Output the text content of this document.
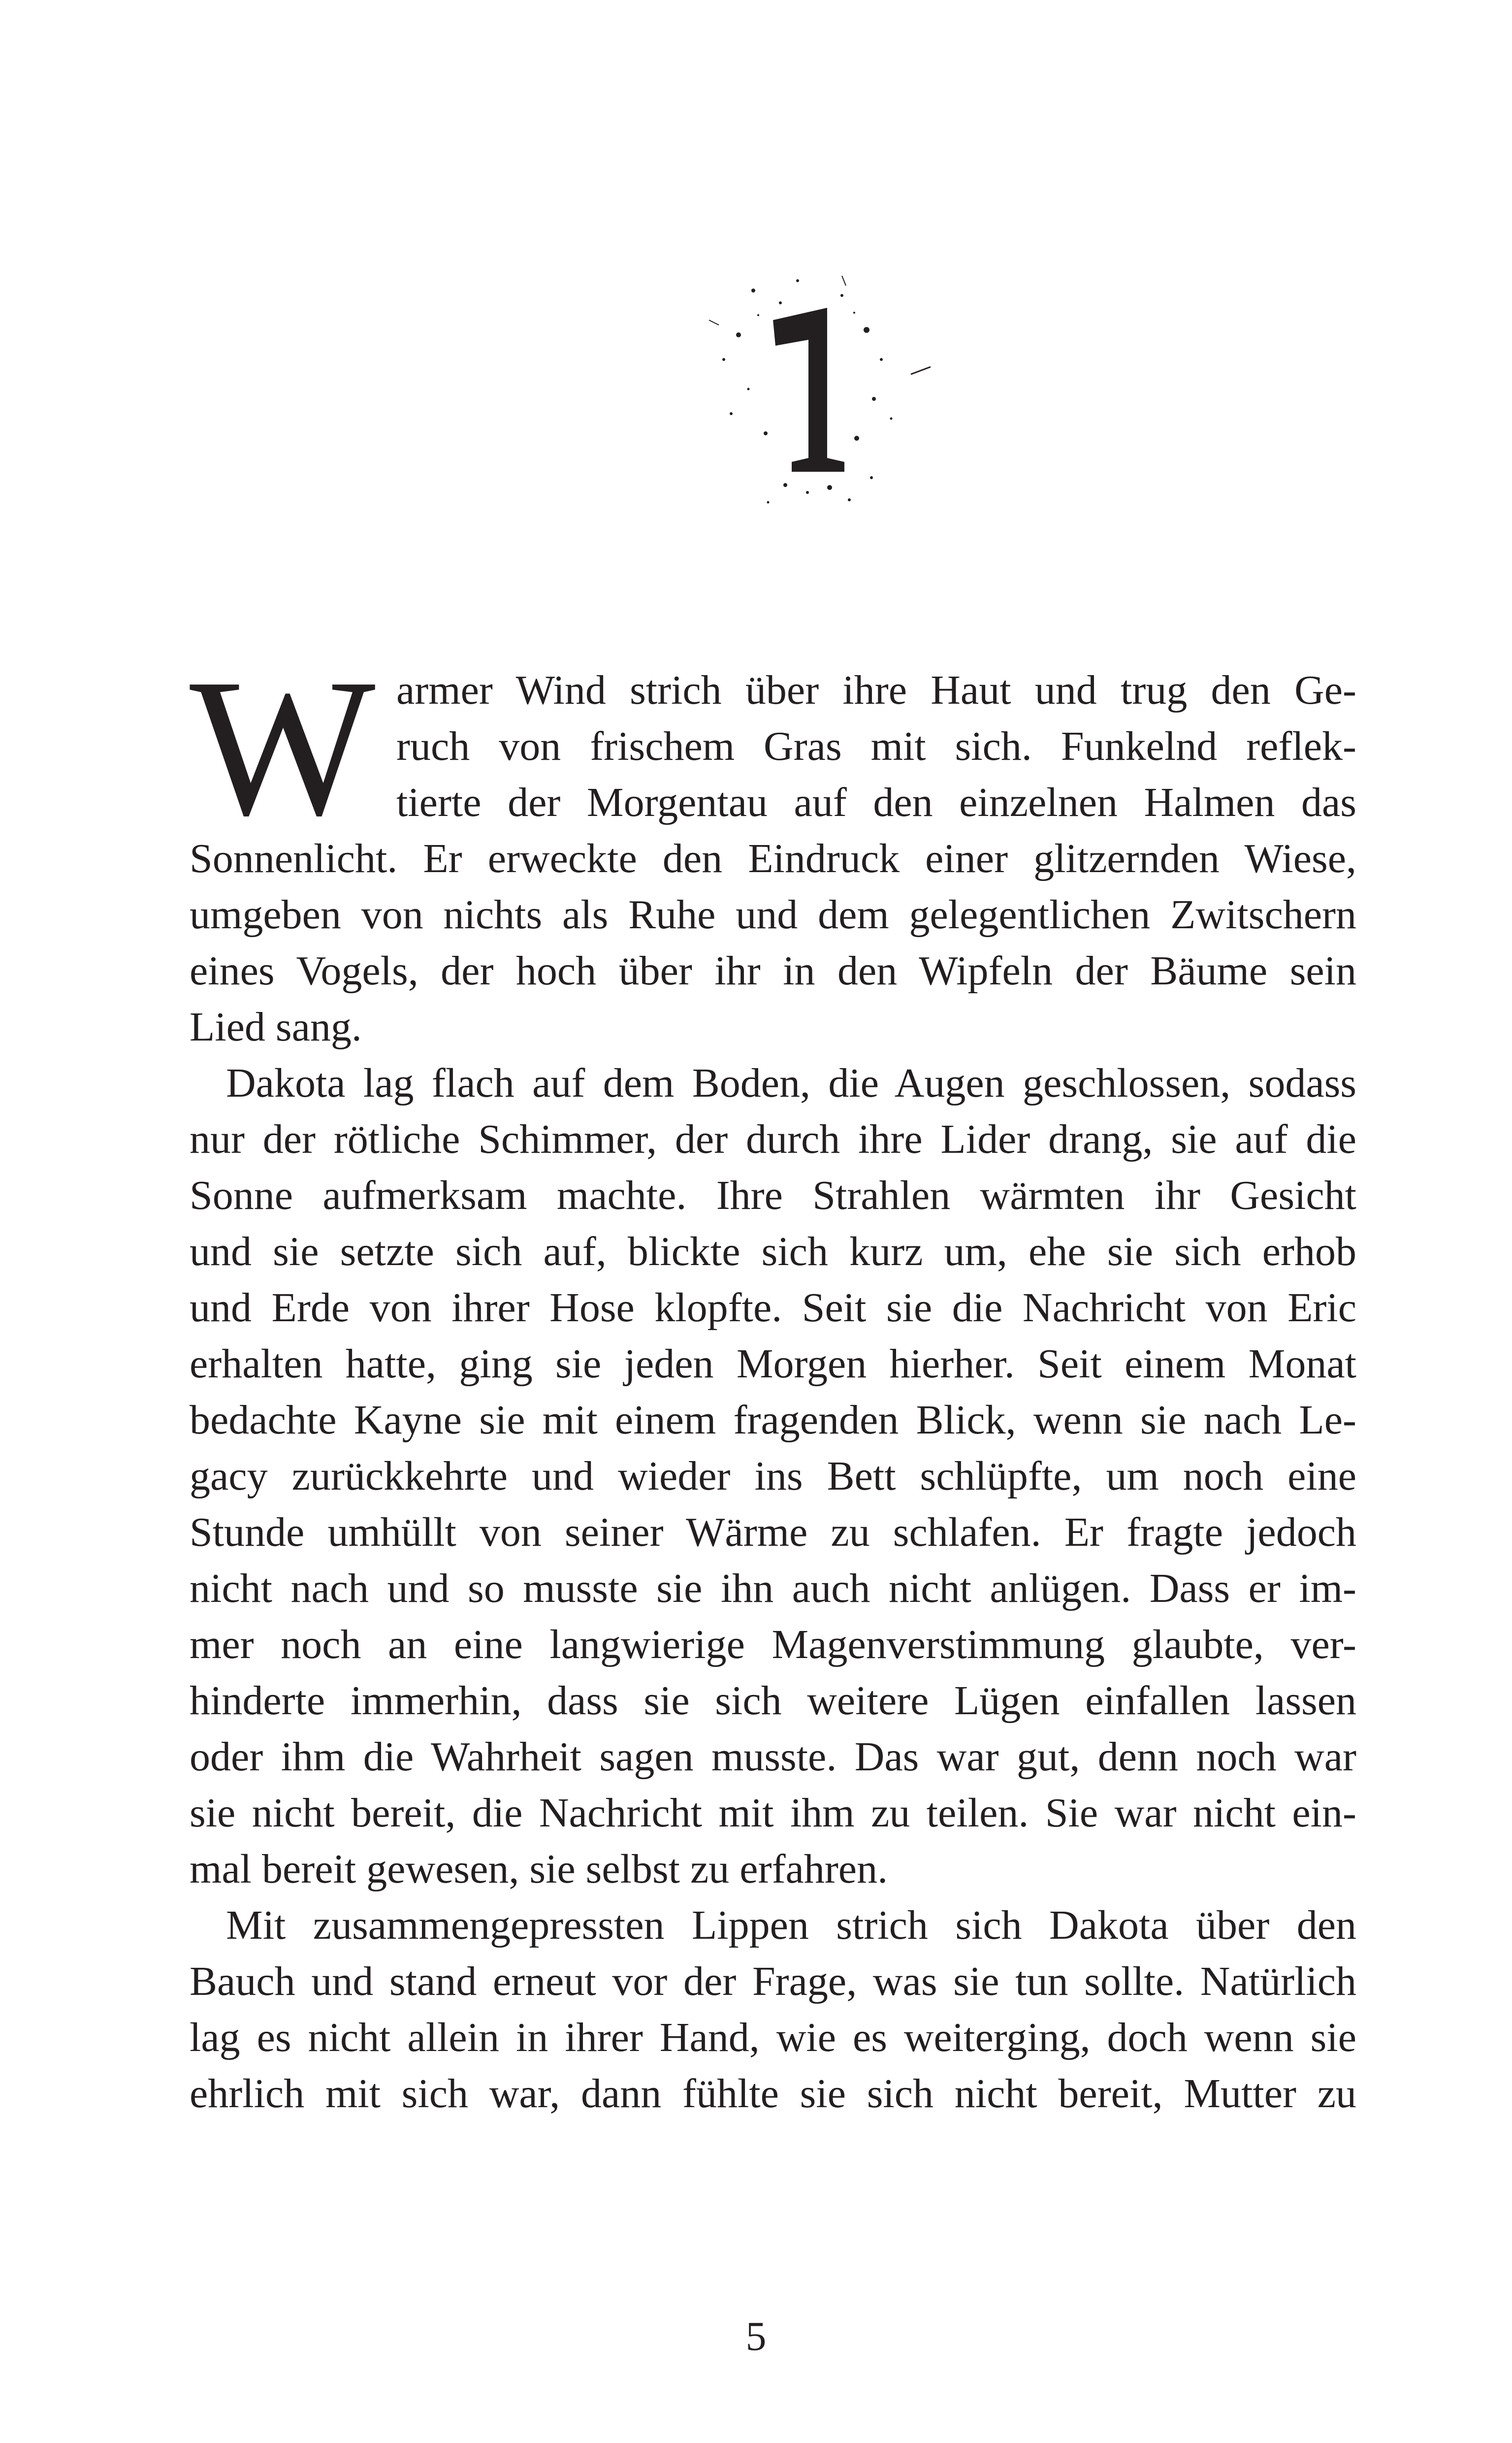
W armer Wind strich über ihre Haut und trug den Ge-
ruch von frischem Gras mit sich. Funkelnd reflek-
tierte der Morgentau auf den einzelnen Halmen das
Sonnenlicht. Er erweckte den Eindruck einer glitzernden Wiese,
umgeben von nichts als Ruhe und dem gelegentlichen Zwitschern
eines Vogels, der hoch über ihr in den Wipfeln der Bäume sein
Lied sang.
Dakota lag flach auf dem Boden, die Augen geschlossen, sodass
nur der rötliche Schimmer, der durch ihre Lider drang, sie auf die
Sonne aufmerksam machte. Ihre Strahlen wärmten ihr Gesicht
und sie setzte sich auf, blickte sich kurz um, ehe sie sich erhob
und Erde von ihrer Hose klopfte. Seit sie die Nachricht von Eric
erhalten hatte, ging sie jeden Morgen hierher. Seit einem Monat
bedachte Kayne sie mit einem fragenden Blick, wenn sie nach Le-
gacy zurückkehrte und wieder ins Bett schlüpfte, um noch eine
Stunde umhüllt von seiner Wärme zu schlafen. Er fragte jedoch
nicht nach und so musste sie ihn auch nicht anlügen. Dass er im-
mer noch an eine langwierige Magenverstimmung glaubte, ver-
hinderte immerhin, dass sie sich weitere Lügen einfallen lassen
oder ihm die Wahrheit sagen musste. Das war gut, denn noch war
sie nicht bereit, die Nachricht mit ihm zu teilen. Sie war nicht ein-
mal bereit gewesen, sie selbst zu erfahren.
Mit zusammengepressten Lippen strich sich Dakota über den
Bauch und stand erneut vor der Frage, was sie tun sollte. Natürlich
lag es nicht allein in ihrer Hand, wie es weiterging, doch wenn sie
ehrlich mit sich war, dann fühlte sie sich nicht bereit, Mutter zu
5
